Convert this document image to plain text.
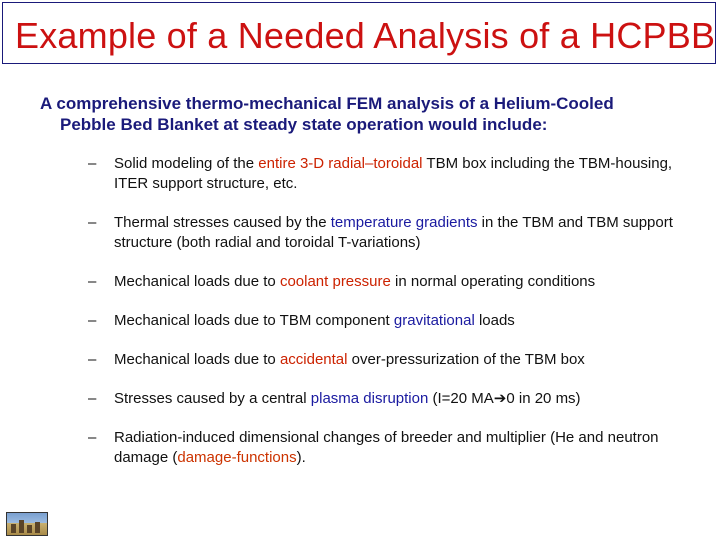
Example of a Needed Analysis of a HCPBB
A comprehensive thermo-mechanical FEM analysis of a Helium-Cooled
Pebble Bed Blanket at steady state operation would include:
– Solid modeling of the entire 3-D radial–toroidal TBM box including the TBM-housing, ITER support structure, etc.
– Thermal stresses caused by the temperature gradients in the TBM and TBM support structure (both radial and toroidal T-variations)
– Mechanical loads due to coolant pressure in normal operating conditions
– Mechanical loads due to TBM component gravitational loads
– Mechanical loads due to accidental over-pressurization of the TBM box
– Stresses caused by a central plasma disruption (I=20 MA➔0 in 20 ms)
– Radiation-induced dimensional changes of breeder and multiplier (He and neutron damage (damage-functions).
